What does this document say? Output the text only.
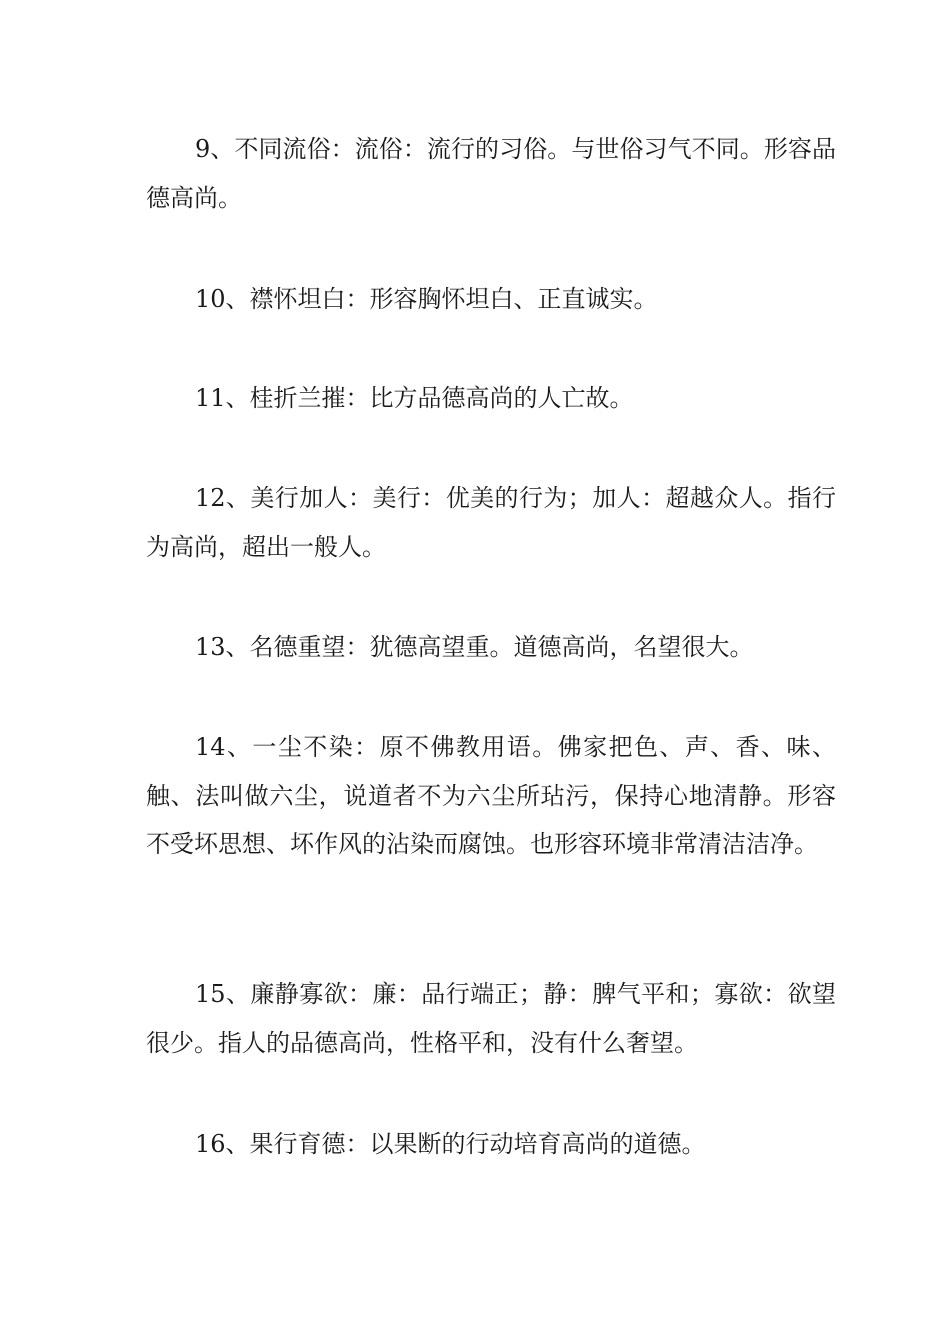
9、不同流俗：流俗：流行的习俗。与世俗习气不同。形容品德高尚。

10、襟怀坦白：形容胸怀坦白、正直诚实。

11、桂折兰摧：比方品德高尚的人亡故。

12、美行加人：美行：优美的行为；加人：超越众人。指行为高尚，超出一般人。

13、名德重望：犹德高望重。道德高尚，名望很大。

14、一尘不染：原不佛教用语。佛家把色、声、香、味、触、法叫做六尘，说道者不为六尘所玷污，保持心地清静。形容不受坏思想、坏作风的沾染而腐蚀。也形容环境非常清洁洁净。

15、廉静寡欲：廉：品行端正；静：脾气平和；寡欲：欲望很少。指人的品德高尚，性格平和，没有什么奢望。

16、果行育德：以果断的行动培育高尚的道德。
